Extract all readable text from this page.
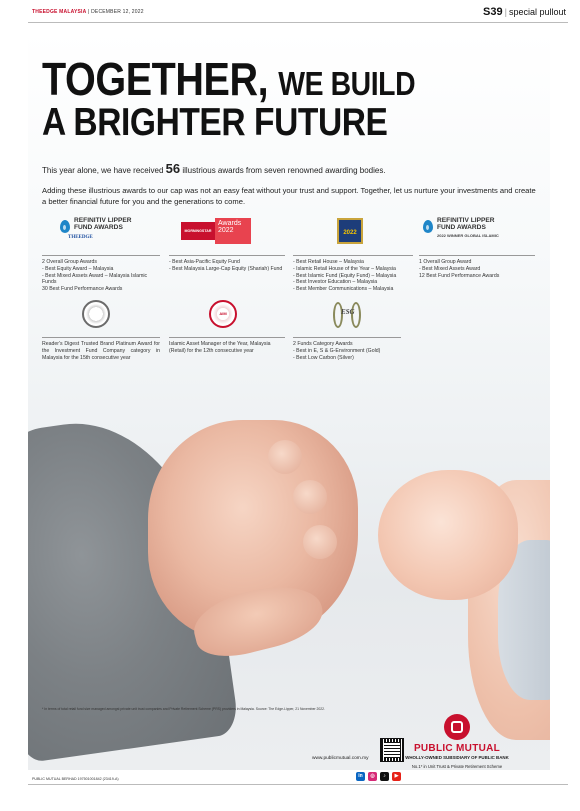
THEEDGE MALAYSIA | DECEMBER 12, 2022	S39 | special pullout
TOGETHER, WE BUILD
A BRIGHTER FUTURE
This year alone, we have received 56 illustrious awards from seven renowned awarding bodies.
Adding these illustrious awards to our cap was not an easy feat without your trust and support. Together, let us nurture your investments and create a better financial future for you and the generations to come.
REFINITIV LIPPER
FUND AWARDS
THEEDGE
2 Overall Group Awards
- Best Equity Award – Malaysia
- Best Mixed Assets Award – Malaysia Islamic Funds
30 Best Fund Performance Awards
MORNINGSTAR
Awards 2022
- Best Asia-Pacific Equity Fund
- Best Malaysia Large-Cap Equity (Shariah) Fund
2022
- Best Retail House – Malaysia
- Islamic Retail House of the Year – Malaysia
- Best Islamic Fund (Equity Fund) – Malaysia
- Best Investor Education – Malaysia
- Best Member Communications – Malaysia
REFINITIV LIPPER
FUND AWARDS
2022 WINNER GLOBAL ISLAMIC
1 Overall Group Award
- Best Mixed Assets Award
12 Best Fund Performance Awards
Reader's Digest Trusted Brand Platinum Award for the Investment Fund Company category in Malaysia for the 15th consecutive year
AIM
Islamic Asset Manager of the Year, Malaysia (Retail) for the 12th consecutive year
ESG
2 Funds Category Awards
- Best in E, S & G-Environment (Gold)
- Best Low Carbon (Silver)
* In terms of total retail fund size managed amongst private unit trust companies and Private Retirement Scheme (PRS) providers in Malaysia. Source: The Edge-Lipper, 21 November 2022.
www.publicmutual.com.my
PUBLIC MUTUAL
WHOLLY-OWNED SUBSIDIARY OF PUBLIC BANK
No.1* in Unit Trust & Private Retirement Scheme
PUBLIC MUTUAL BERHAD 197501001842 (23419-A)	in	◎	♪	▶
